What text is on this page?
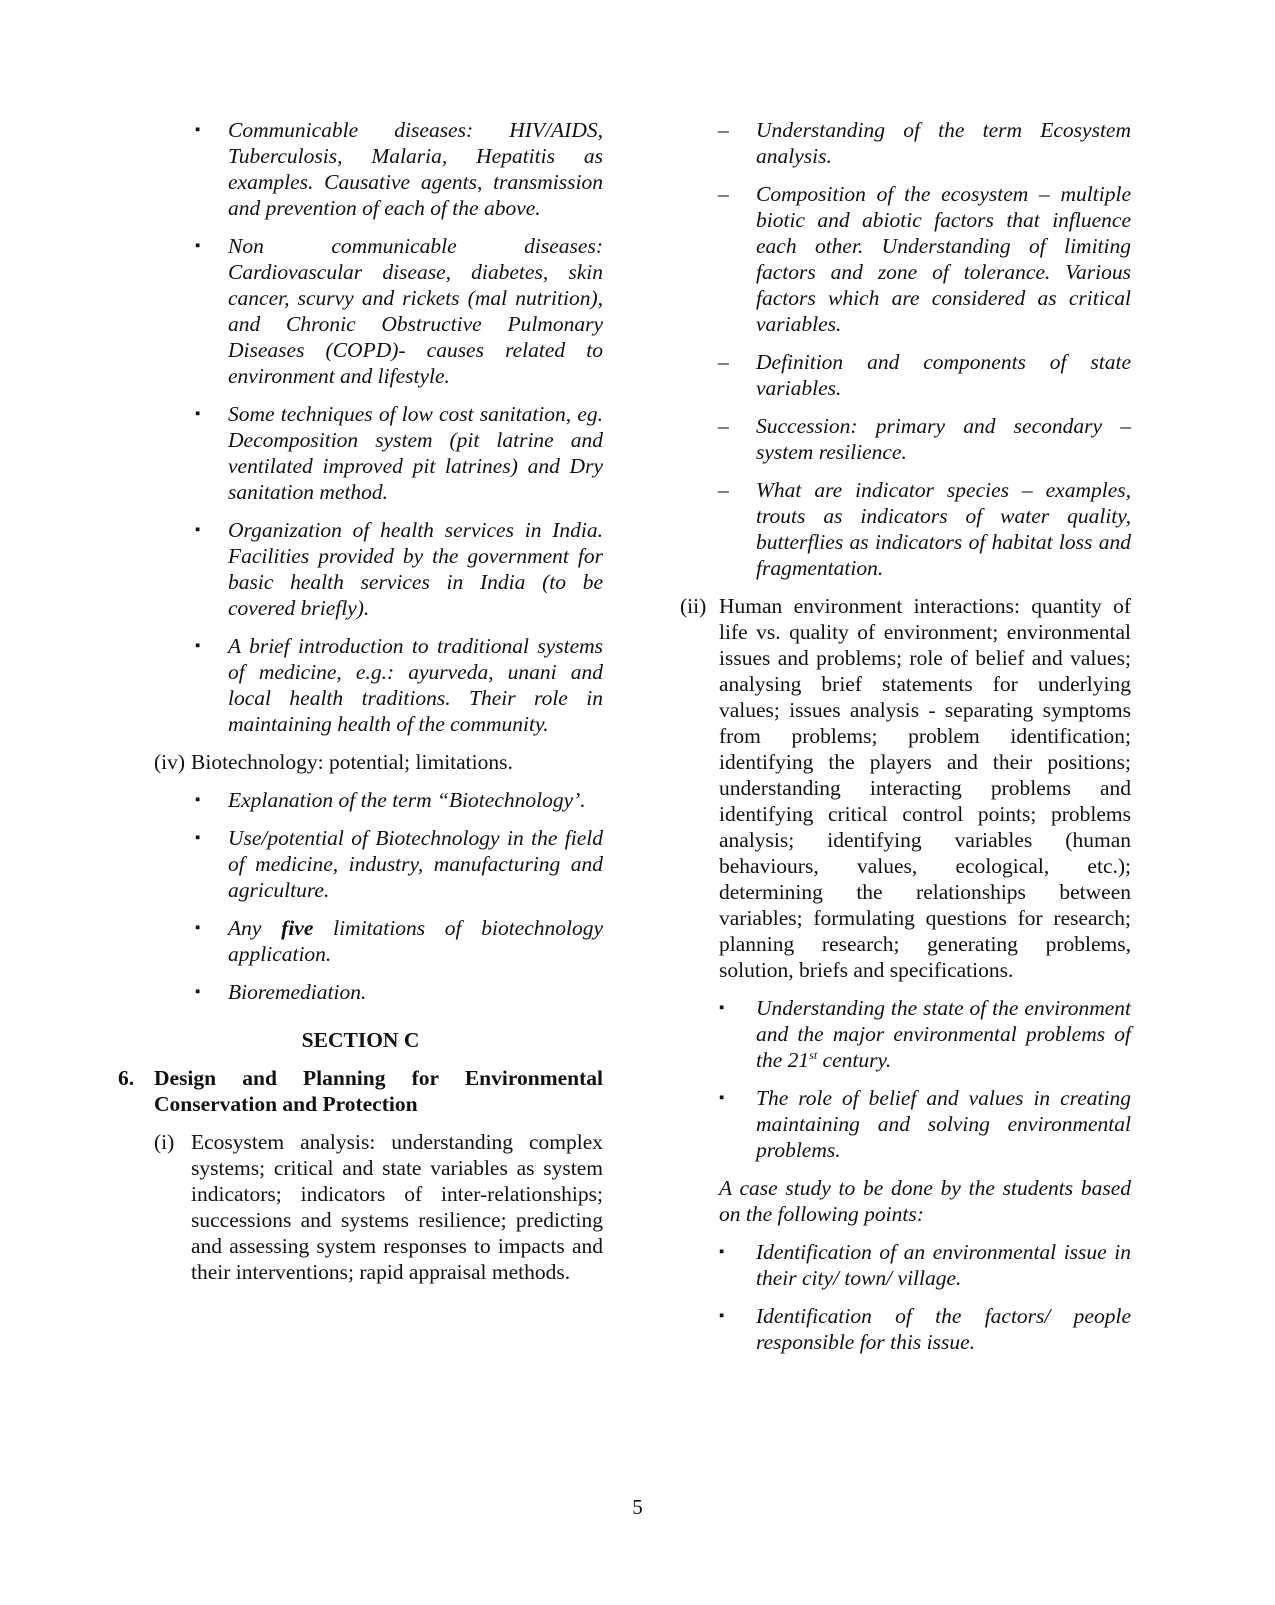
▪ Communicable diseases: HIV/AIDS, Tuberculosis, Malaria, Hepatitis as examples. Causative agents, transmission and prevention of each of the above.
▪ Non communicable diseases: Cardiovascular disease, diabetes, skin cancer, scurvy and rickets (mal nutrition), and Chronic Obstructive Pulmonary Diseases (COPD)- causes related to environment and lifestyle.
▪ Some techniques of low cost sanitation, eg. Decomposition system (pit latrine and ventilated improved pit latrines) and Dry sanitation method.
▪ Organization of health services in India. Facilities provided by the government for basic health services in India (to be covered briefly).
▪ A brief introduction to traditional systems of medicine, e.g.: ayurveda, unani and local health traditions. Their role in maintaining health of the community.
(iv) Biotechnology: potential; limitations.
▪ Explanation of the term “Biotechnology’.
▪ Use/potential of Biotechnology in the field of medicine, industry, manufacturing and agriculture.
▪ Any five limitations of biotechnology application.
▪ Bioremediation.
SECTION C
6. Design and Planning for Environmental Conservation and Protection
(i) Ecosystem analysis: understanding complex systems; critical and state variables as system indicators; indicators of inter-relationships; successions and systems resilience; predicting and assessing system responses to impacts and their interventions; rapid appraisal methods.
– Understanding of the term Ecosystem analysis.
– Composition of the ecosystem – multiple biotic and abiotic factors that influence each other. Understanding of limiting factors and zone of tolerance. Various factors which are considered as critical variables.
– Definition and components of state variables.
– Succession: primary and secondary – system resilience.
– What are indicator species – examples, trouts as indicators of water quality, butterflies as indicators of habitat loss and fragmentation.
(ii) Human environment interactions: quantity of life vs. quality of environment; environmental issues and problems; role of belief and values; analysing brief statements for underlying values; issues analysis - separating symptoms from problems; problem identification; identifying the players and their positions; understanding interacting problems and identifying critical control points; problems analysis; identifying variables (human behaviours, values, ecological, etc.); determining the relationships between variables; formulating questions for research; planning research; generating problems, solution, briefs and specifications.
▪ Understanding the state of the environment and the major environmental problems of the 21st century.
▪ The role of belief and values in creating maintaining and solving environmental problems.
A case study to be done by the students based on the following points:
▪ Identification of an environmental issue in their city/ town/ village.
▪ Identification of the factors/ people responsible for this issue.
5
